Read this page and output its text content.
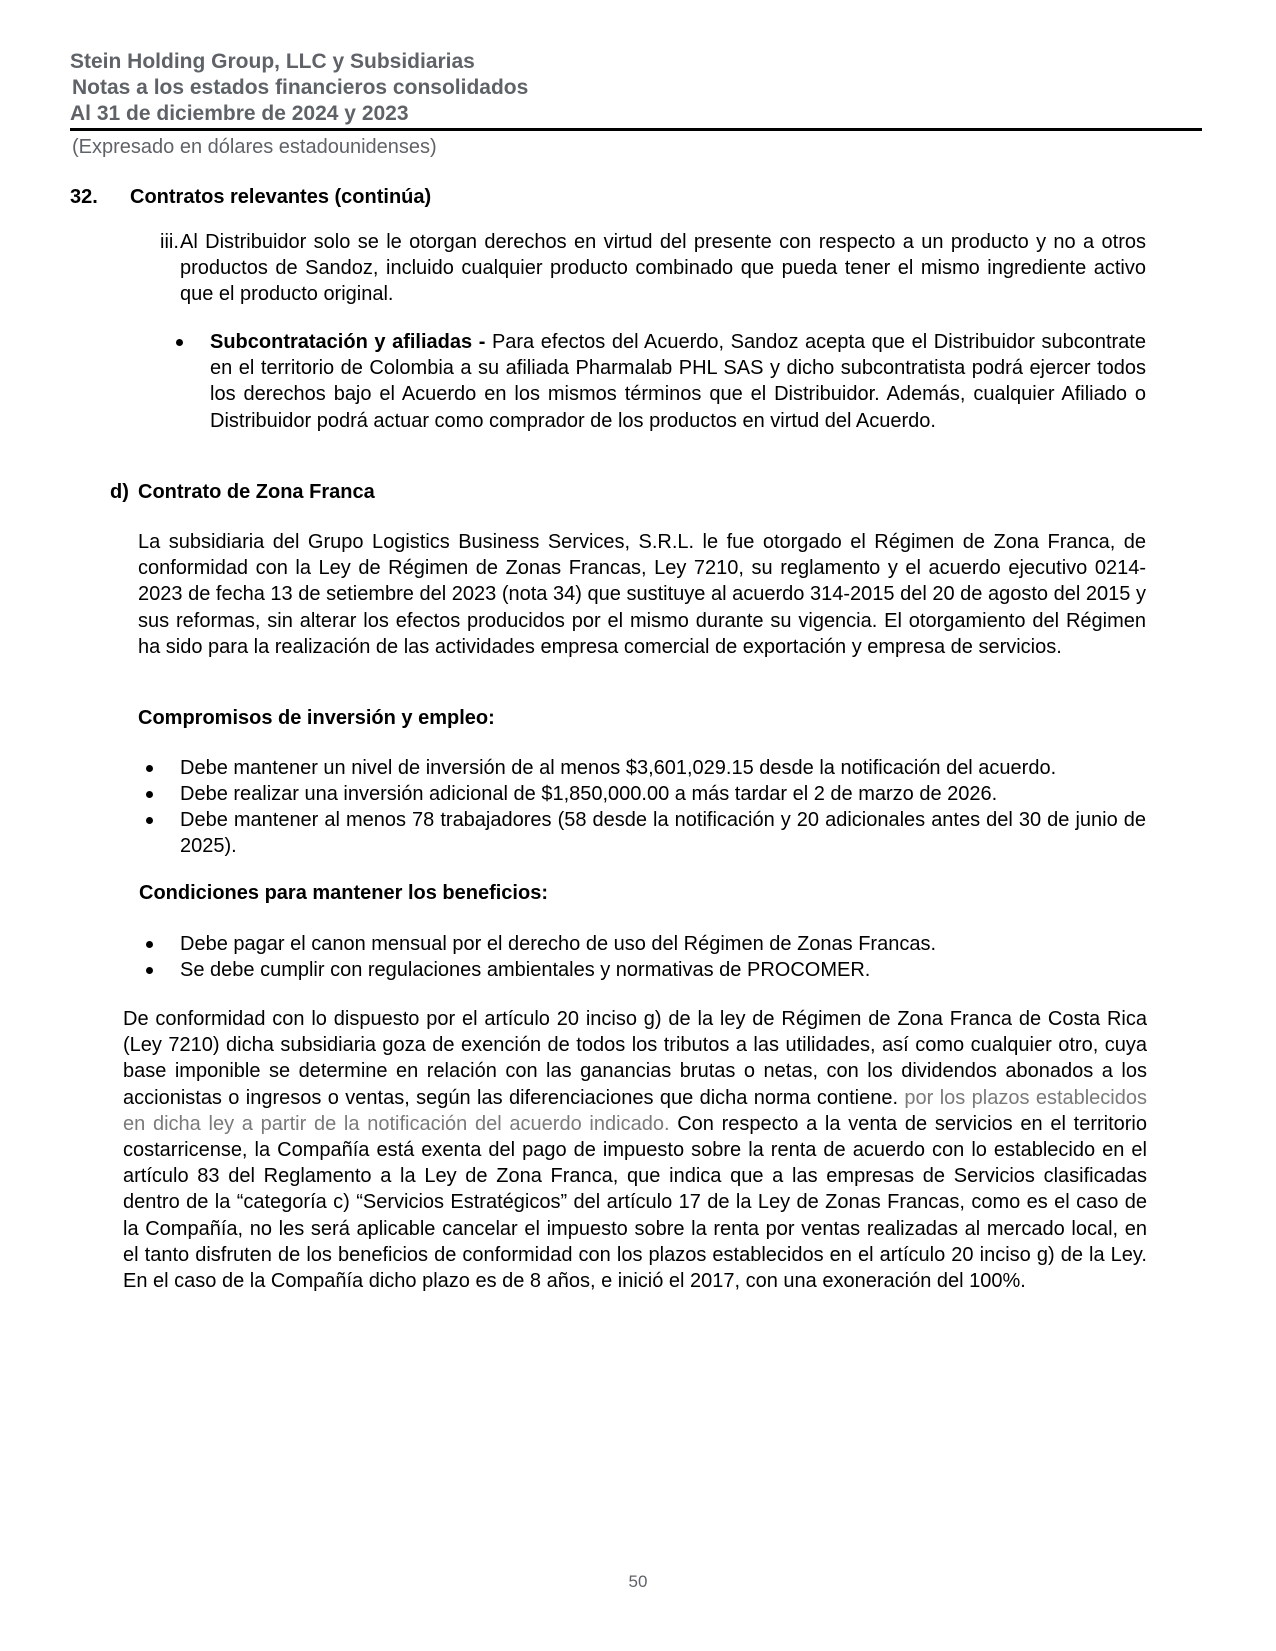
Stein Holding Group, LLC y Subsidiarias
Notas a los estados financieros consolidados
Al 31 de diciembre de 2024 y 2023
(Expresado en dólares estadounidenses)
32. Contratos relevantes (continúa)
iii. Al Distribuidor solo se le otorgan derechos en virtud del presente con respecto a un producto y no a otros productos de Sandoz, incluido cualquier producto combinado que pueda tener el mismo ingrediente activo que el producto original.
Subcontratación y afiliadas - Para efectos del Acuerdo, Sandoz acepta que el Distribuidor subcontrate en el territorio de Colombia a su afiliada Pharmalab PHL SAS y dicho subcontratista podrá ejercer todos los derechos bajo el Acuerdo en los mismos términos que el Distribuidor. Además, cualquier Afiliado o Distribuidor podrá actuar como comprador de los productos en virtud del Acuerdo.
d) Contrato de Zona Franca
La subsidiaria del Grupo Logistics Business Services, S.R.L. le fue otorgado el Régimen de Zona Franca, de conformidad con la Ley de Régimen de Zonas Francas, Ley 7210, su reglamento y el acuerdo ejecutivo 0214-2023 de fecha 13 de setiembre del 2023 (nota 34) que sustituye al acuerdo 314-2015 del 20 de agosto del 2015 y sus reformas, sin alterar los efectos producidos por el mismo durante su vigencia. El otorgamiento del Régimen ha sido para la realización de las actividades empresa comercial de exportación y empresa de servicios.
Compromisos de inversión y empleo:
Debe mantener un nivel de inversión de al menos $3,601,029.15 desde la notificación del acuerdo.
Debe realizar una inversión adicional de $1,850,000.00 a más tardar el 2 de marzo de 2026.
Debe mantener al menos 78 trabajadores (58 desde la notificación y 20 adicionales antes del 30 de junio de 2025).
Condiciones para mantener los beneficios:
Debe pagar el canon mensual por el derecho de uso del Régimen de Zonas Francas.
Se debe cumplir con regulaciones ambientales y normativas de PROCOMER.
De conformidad con lo dispuesto por el artículo 20 inciso g) de la ley de Régimen de Zona Franca de Costa Rica (Ley 7210) dicha subsidiaria goza de exención de todos los tributos a las utilidades, así como cualquier otro, cuya base imponible se determine en relación con las ganancias brutas o netas, con los dividendos abonados a los accionistas o ingresos o ventas, según las diferenciaciones que dicha norma contiene. por los plazos establecidos en dicha ley a partir de la notificación del acuerdo indicado. Con respecto a la venta de servicios en el territorio costarricense, la Compañía está exenta del pago de impuesto sobre la renta de acuerdo con lo establecido en el artículo 83 del Reglamento a la Ley de Zona Franca, que indica que a las empresas de Servicios clasificadas dentro de la “categoría c) “Servicios Estratégicos” del artículo 17 de la Ley de Zonas Francas, como es el caso de la Compañía, no les será aplicable cancelar el impuesto sobre la renta por ventas realizadas al mercado local, en el tanto disfruten de los beneficios de conformidad con los plazos establecidos en el artículo 20 inciso g) de la Ley. En el caso de la Compañía dicho plazo es de 8 años, e inició el 2017, con una exoneración del 100%.
50
